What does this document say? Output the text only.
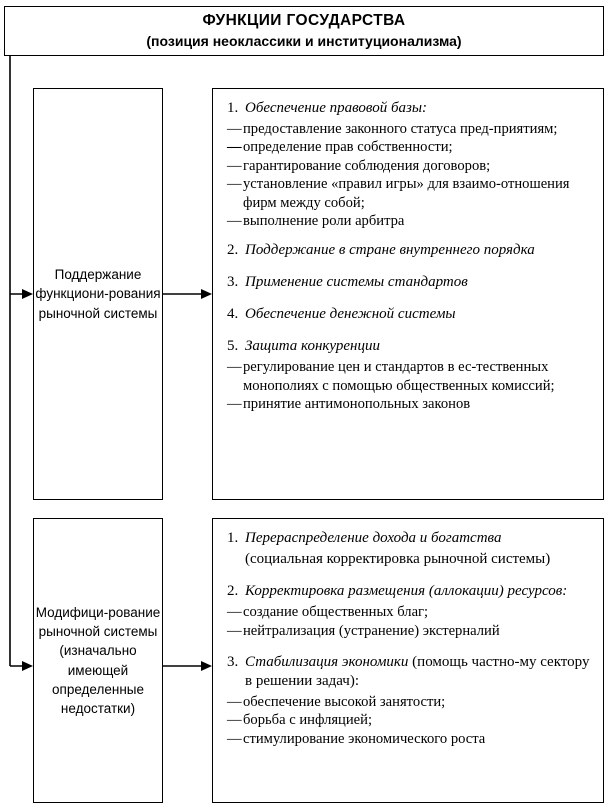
ФУНКЦИИ ГОСУДАРСТВА
(позиция неоклассики и институционализма)
Поддержание функциони-рования рыночной системы
Модифици-рование рыночной системы (изначально имеющей определенные недостатки)
1. Обеспечение правовой базы:
— предоставление законного статуса пред-приятиям;
— определение прав собственности;
— гарантирование соблюдения договоров;
— установление «правил игры» для взаимо-отношения фирм между собой;
— выполнение роли арбитра
2. Поддержание в стране внутреннего порядка
3. Применение системы стандартов
4. Обеспечение денежной системы
5. Защита конкуренции
— регулирование цен и стандартов в ес-тественных монополиях с помощью общественных комиссий;
— принятие антимонопольных законов
1. Перераспределение дохода и богатства
(социальная корректировка рыночной системы)
2. Корректировка размещения (аллокации) ресурсов:
— создание общественных благ;
— нейтрализация (устранение) экстерналий
3. Стабилизация экономики (помощь частно-му сектору в решении задач):
— обеспечение высокой занятости;
— борьба с инфляцией;
— стимулирование экономического роста
